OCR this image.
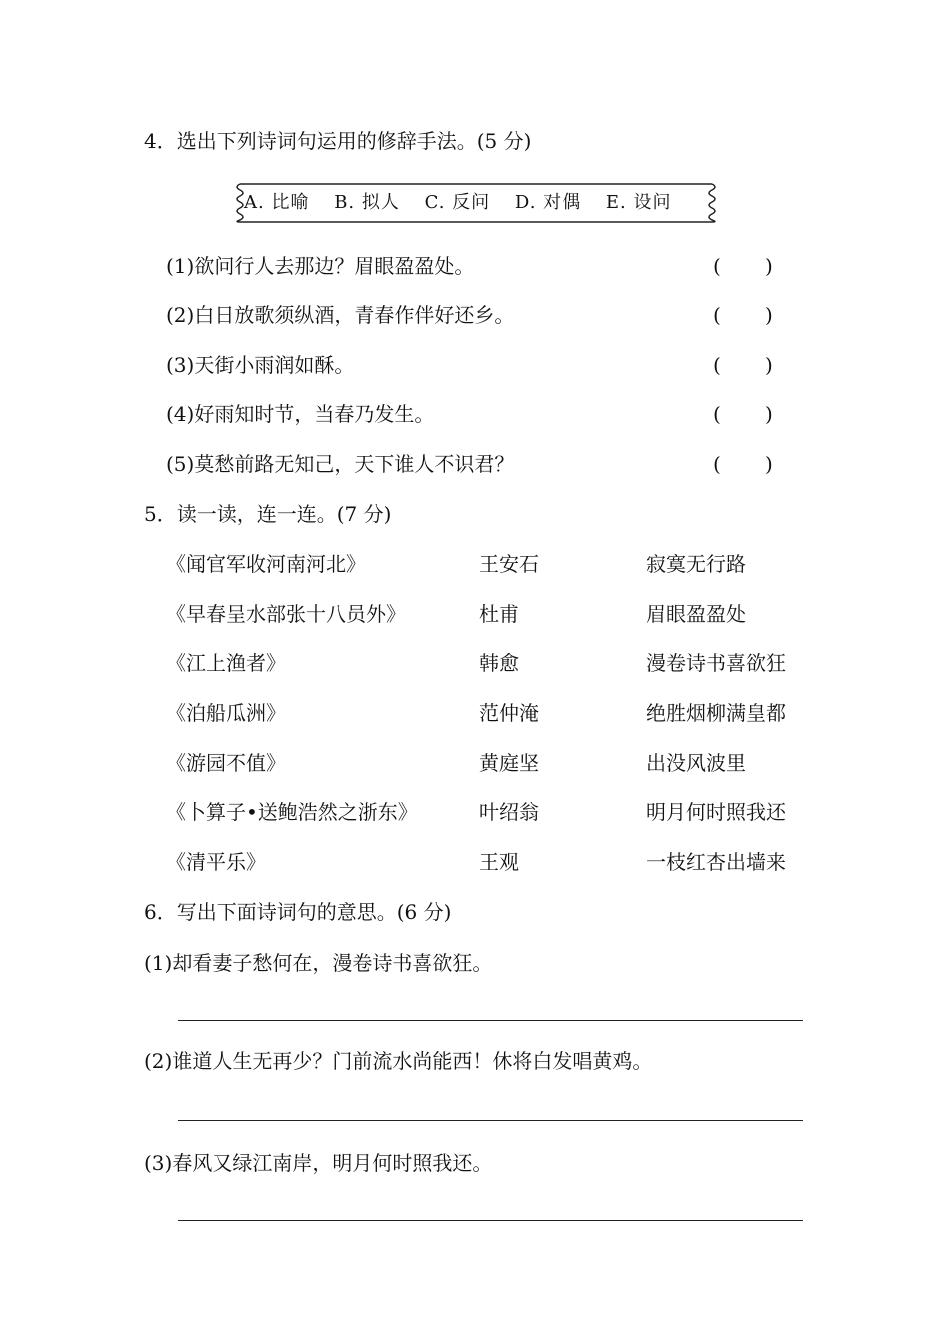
4．选出下列诗词句运用的修辞手法。(5 分)
A. 比喻 B. 拟人 C. 反问 D. 对偶 E. 设问
(1)欲问行人去那边？眉眼盈盈处。
(2)白日放歌须纵酒，青春作伴好还乡。
(3)天街小雨润如酥。
(4)好雨知时节，当春乃发生。
(5)莫愁前路无知己，天下谁人不识君？
( )
( )
( )
( )
( )
5．读一读，连一连。(7 分)
《闻官军收河南河北》
《早春呈水部张十八员外》
《江上渔者》
《泊船瓜洲》
《游园不值》
《卜算子•送鲍浩然之浙东》
《清平乐》
王安石
杜甫
韩愈
范仲淹
黄庭坚
叶绍翁
王观
寂寞无行路
眉眼盈盈处
漫卷诗书喜欲狂
绝胜烟柳满皇都
出没风波里
明月何时照我还
一枝红杏出墙来
6．写出下面诗词句的意思。(6 分)
(1)却看妻子愁何在，漫卷诗书喜欲狂。
(2)谁道人生无再少？门前流水尚能西！休将白发唱黄鸡。
(3)春风又绿江南岸，明月何时照我还。
